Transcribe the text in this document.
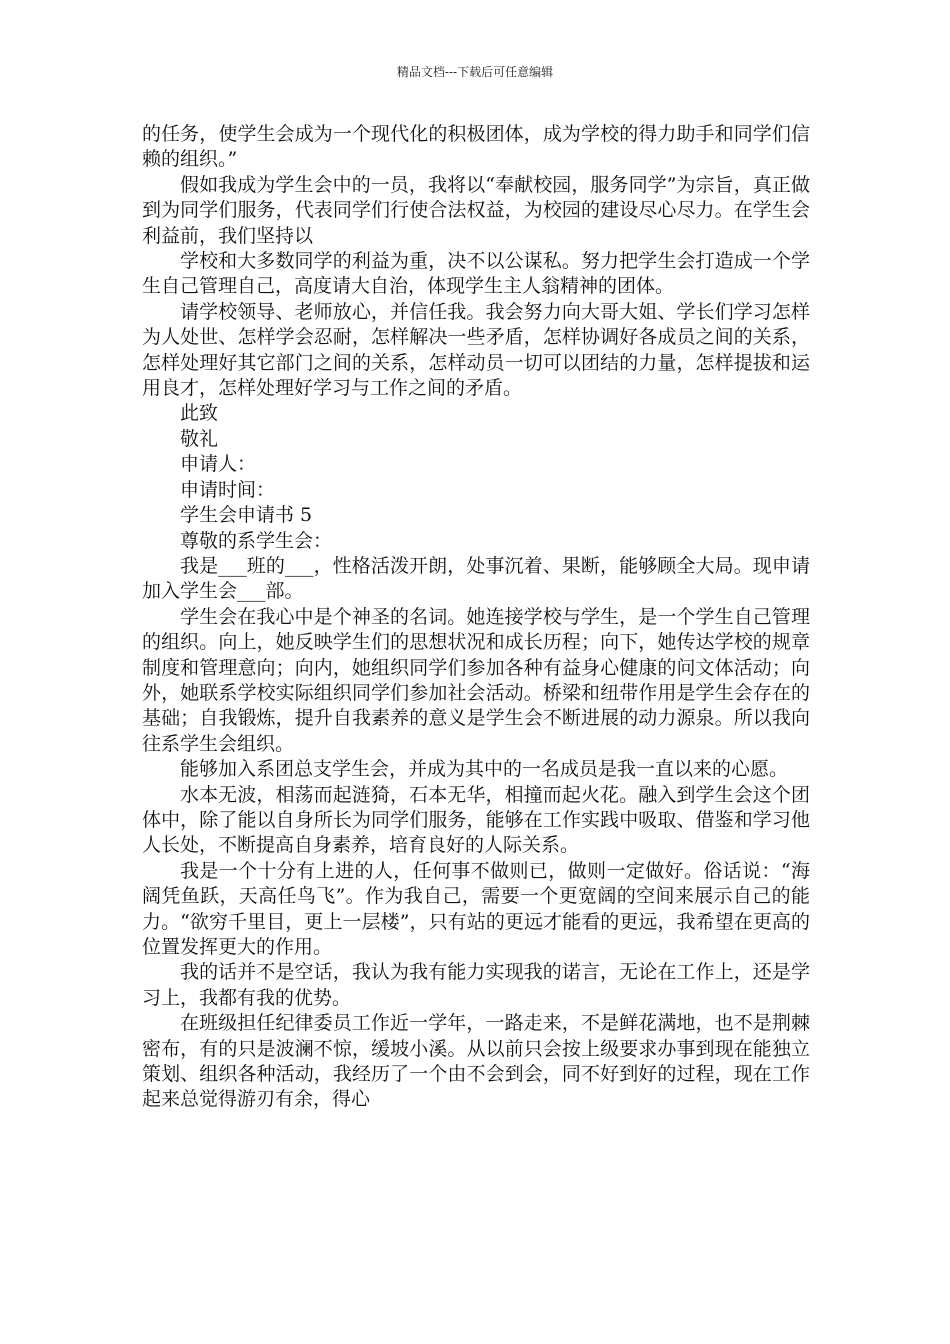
精品文档---下载后可任意编辑

的任务，使学生会成为一个现代化的积极团体，成为学校的得力助手和同学们信赖的组织。”

假如我成为学生会中的一员，我将以“奉献校园，服务同学”为宗旨，真正做到为同学们服务，代表同学们行使合法权益，为校园的建设尽心尽力。在学生会利益前，我们坚持以

学校和大多数同学的利益为重，决不以公谋私。努力把学生会打造成一个学生自己管理自己，高度请大自治，体现学生主人翁精神的团体。

请学校领导、老师放心，并信任我。我会努力向大哥大姐、学长们学习怎样为人处世、怎样学会忍耐，怎样解决一些矛盾，怎样协调好各成员之间的关系，怎样处理好其它部门之间的关系，怎样动员一切可以团结的力量，怎样提拔和运用良才，怎样处理好学习与工作之间的矛盾。

此致

敬礼

申请人：

申请时间：

学生会申请书 5

尊敬的系学生会：

我是___班的___，性格活泼开朗，处事沉着、果断，能够顾全大局。现申请加入学生会___部。

学生会在我心中是个神圣的名词。她连接学校与学生，是一个学生自己管理的组织。向上，她反映学生们的思想状况和成长历程；向下，她传达学校的规章制度和管理意向；向内，她组织同学们参加各种有益身心健康的问文体活动；向外，她联系学校实际组织同学们参加社会活动。桥梁和纽带作用是学生会存在的基础；自我锻炼，提升自我素养的意义是学生会不断进展的动力源泉。所以我向往系学生会组织。

能够加入系团总支学生会，并成为其中的一名成员是我一直以来的心愿。

水本无波，相荡而起涟猗，石本无华，相撞而起火花。融入到学生会这个团体中，除了能以自身所长为同学们服务，能够在工作实践中吸取、借鉴和学习他人长处，不断提高自身素养，培育良好的人际关系。

我是一个十分有上进的人，任何事不做则已，做则一定做好。俗话说：“海阔凭鱼跃，天高任鸟飞”。作为我自己，需要一个更宽阔的空间来展示自己的能力。“欲穷千里目，更上一层楼”，只有站的更远才能看的更远，我希望在更高的位置发挥更大的作用。

我的话并不是空话，我认为我有能力实现我的诺言，无论在工作上，还是学习上，我都有我的优势。

在班级担任纪律委员工作近一学年，一路走来，不是鲜花满地，也不是荆棘密布，有的只是波澜不惊，缓坡小溪。从以前只会按上级要求办事到现在能独立策划、组织各种活动，我经历了一个由不会到会，同不好到好的过程，现在工作起来总觉得游刃有余，得心
